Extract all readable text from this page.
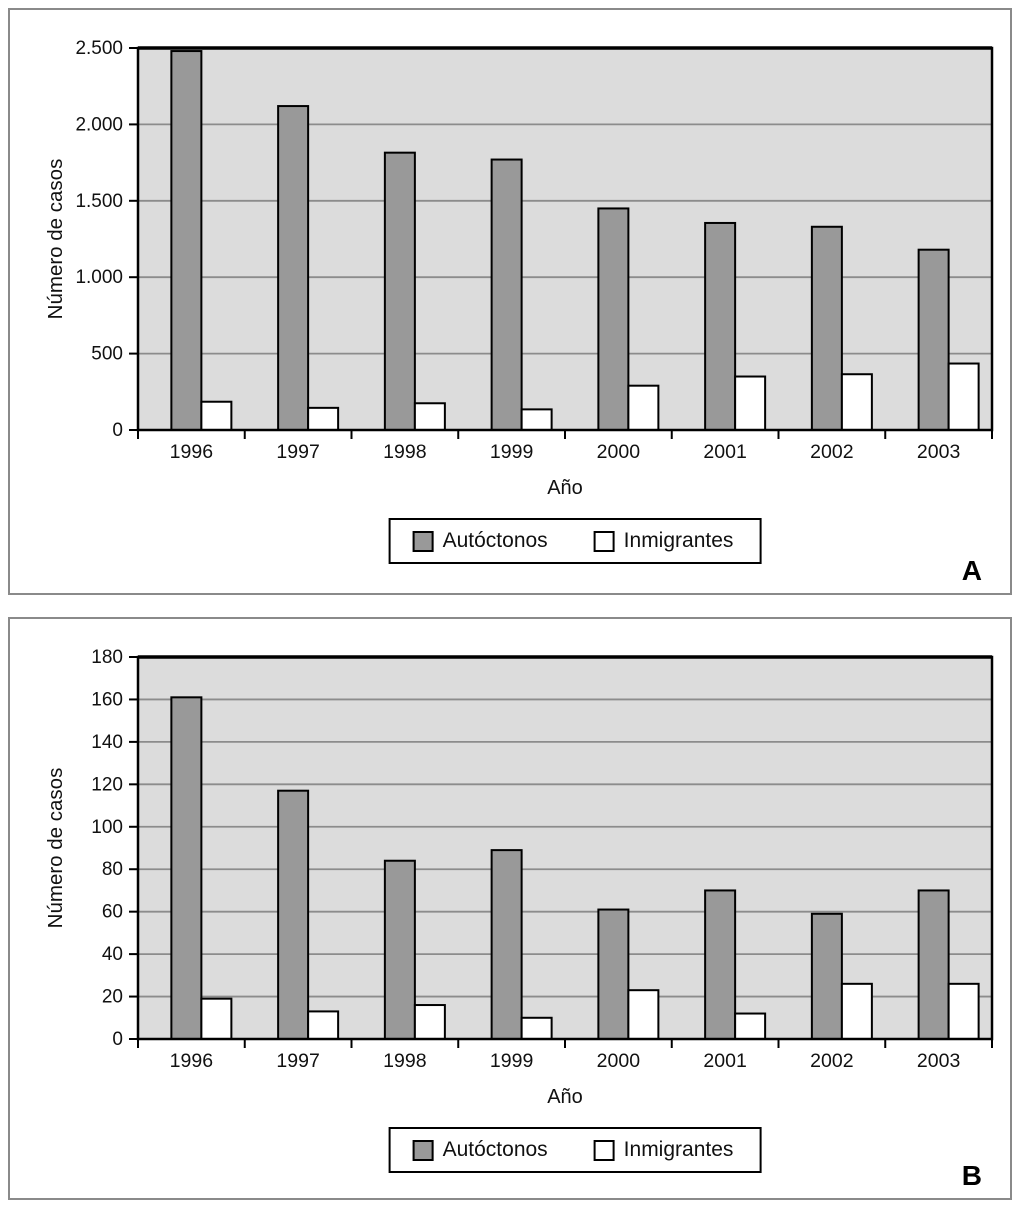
0
500
1.000
1.500
2.000
2.500
1996	1997	1998	1999	2000	2001	2002	2003
Año
Número de casos
Autóctonos	Inmigrantes
A
0
20
40
60
80
100
120
140
160
180
1996	1997	1998	1999	2000	2001	2002	2003
Año
Número de casos
Autóctonos	Inmigrantes
B
